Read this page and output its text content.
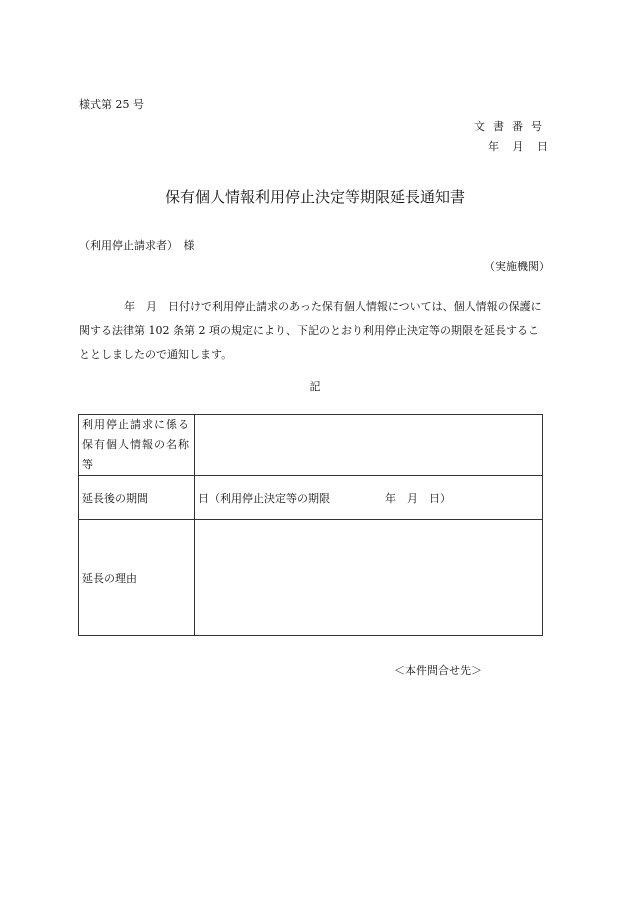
様式第 25 号
文書番号
年 月 日
保有個人情報利用停止決定等期限延長通知書
（利用停止請求者）　様
（実施機関）

年　月　日付けで利用停止請求のあった保有個人情報については、個人情報の保護に関する法律第 102 条第 2 項の規定により、下記のとおり利用停止決定等の期限を延長することとしましたので通知します。

記
利用停止請求に係る保有個人情報の名称等	
延長後の期間	日（利用停止決定等の期限　　　　　年　月　日）
延長の理由	
＜本件問合せ先＞
